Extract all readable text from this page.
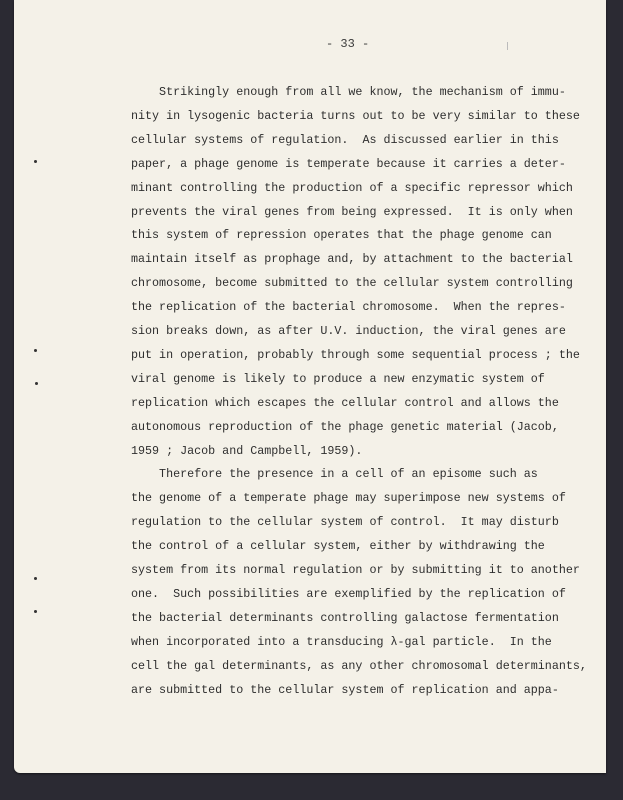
- 33 -
Strikingly enough from all we know, the mechanism of immu-
nity in lysogenic bacteria turns out to be very similar to these
cellular systems of regulation.  As discussed earlier in this
paper, a phage genome is temperate because it carries a deter-
minant controlling the production of a specific repressor which
prevents the viral genes from being expressed.  It is only when
this system of repression operates that the phage genome can
maintain itself as prophage and, by attachment to the bacterial
chromosome, become submitted to the cellular system controlling
the replication of the bacterial chromosome.  When the repres-
sion breaks down, as after U.V. induction, the viral genes are
put in operation, probably through some sequential process ; the
viral genome is likely to produce a new enzymatic system of
replication which escapes the cellular control and allows the
autonomous reproduction of the phage genetic material (Jacob,
1959 ; Jacob and Campbell, 1959).
Therefore the presence in a cell of an episome such as
the genome of a temperate phage may superimpose new systems of
regulation to the cellular system of control.  It may disturb
the control of a cellular system, either by withdrawing the
system from its normal regulation or by submitting it to another
one.  Such possibilities are exemplified by the replication of
the bacterial determinants controlling galactose fermentation
when incorporated into a transducing λ-gal particle.  In the
cell the gal determinants, as any other chromosomal determinants,
are submitted to the cellular system of replication and appa-
